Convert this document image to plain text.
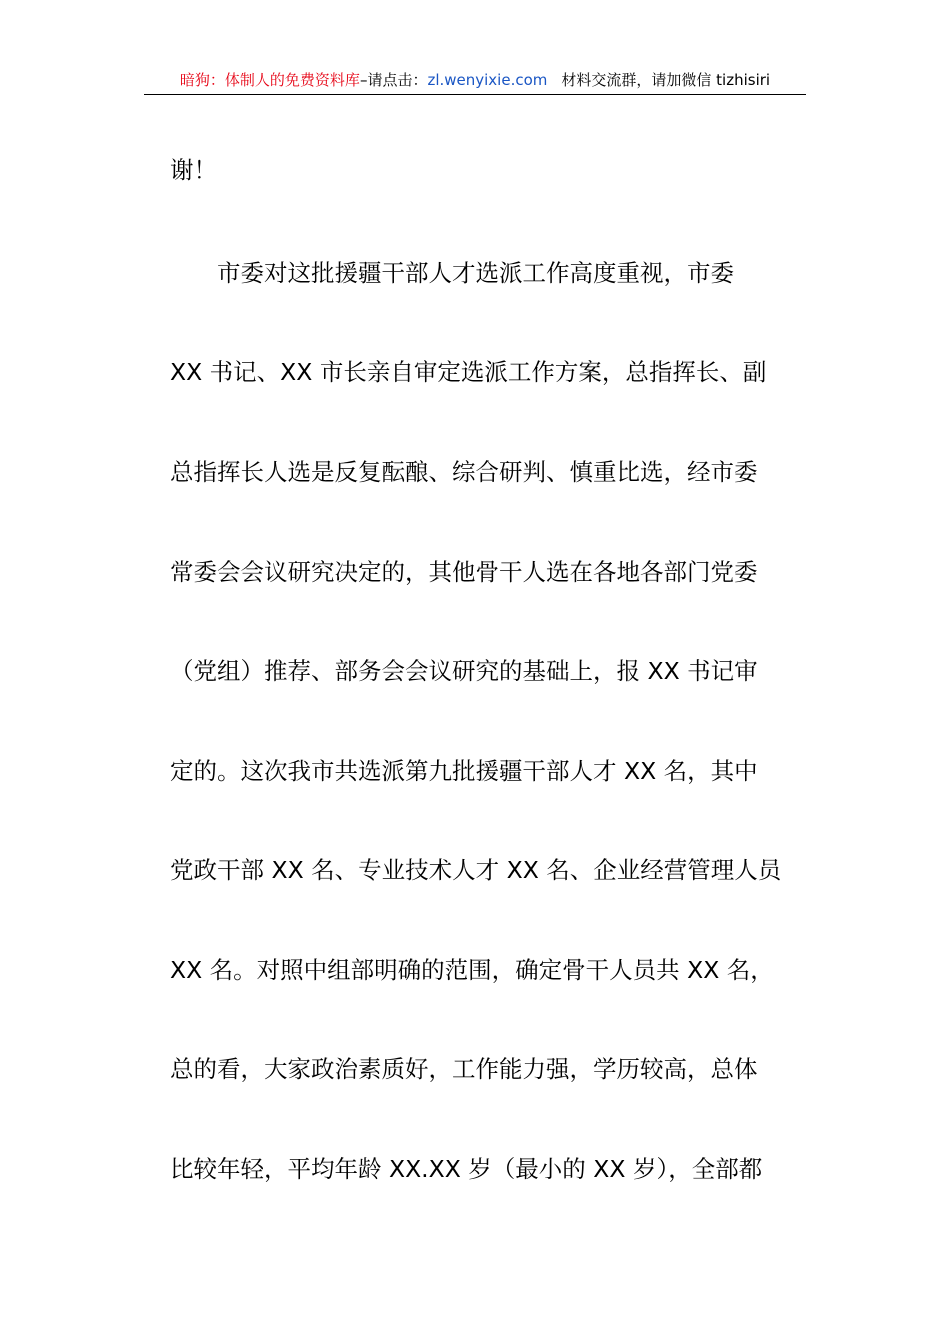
暗狗：体制人的免费资料库–请点击：zl.wenyixie.com 材料交流群，请加微信 tizhisiri
谢！
　　市委对这批援疆干部人才选派工作高度重视，市委
XX 书记、XX 市长亲自审定选派工作方案，总指挥长、副
总指挥长人选是反复酝酿、综合研判、慎重比选，经市委
常委会会议研究决定的，其他骨干人选在各地各部门党委
（党组）推荐、部务会会议研究的基础上，报 XX 书记审
定的。这次我市共选派第九批援疆干部人才 XX 名，其中
党政干部 XX 名、专业技术人才 XX 名、企业经营管理人员
XX 名。对照中组部明确的范围，确定骨干人员共 XX 名，
总的看，大家政治素质好，工作能力强，学历较高，总体
比较年轻，平均年龄 XX.XX 岁（最小的 XX 岁），全部都
